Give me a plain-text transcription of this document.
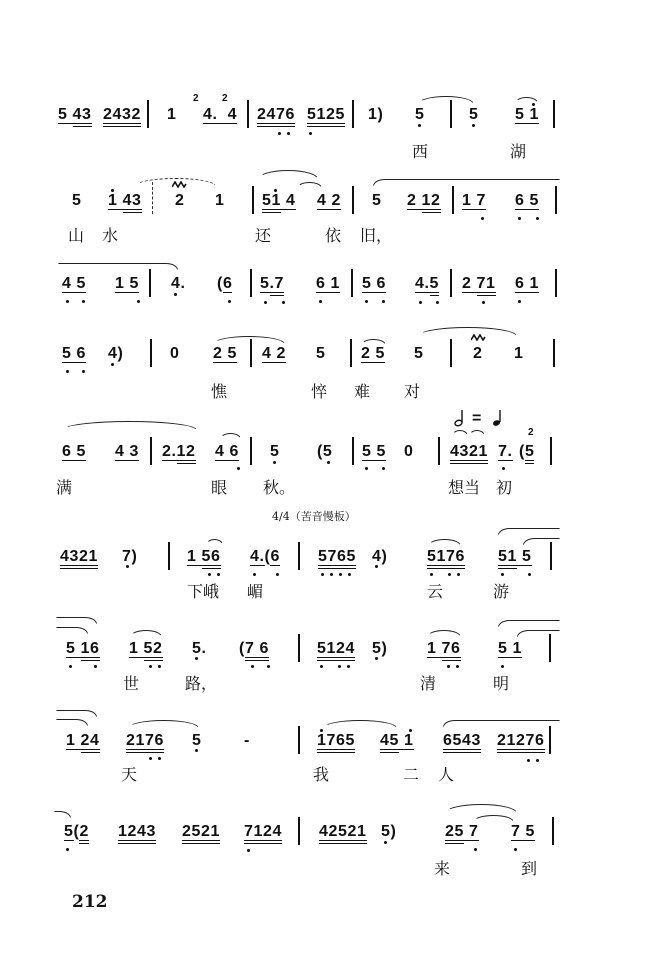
5 43 2432 1
2
4.  4
2
2476 5125 1) 5	5 5 1
西	湖
5 1 43 2 1 51 4 4 2 5 2 12 1 7 6 5
山 水	还	依 旧，
4 5 1 5 4. (6 5.7 6 1 5 6 4.5 2 71 6 1
5 6 4)	0 2 5 4 2 5 2 5 5	2 1
憔	悴 难 对
6 5 4 3 2.12 4 6 5 (5 5 5 0
=
4321 7.
2
(5
满	眼 秋。	想当 初
4/4（苦音慢板）
4321 7)	1 56 4.(6 5765 4) 5176 51 5
下峨 嵋	云	游
5 16 1 52 5. (7 6	5124 5) 1 76 5 1
世	路，	清	明
1 24 2176 5	-	1765 45 1 6543 21276
天	我	二 人
5(2 1243 2521 7124 42521 5)	25 7 7 5
来	到
212
